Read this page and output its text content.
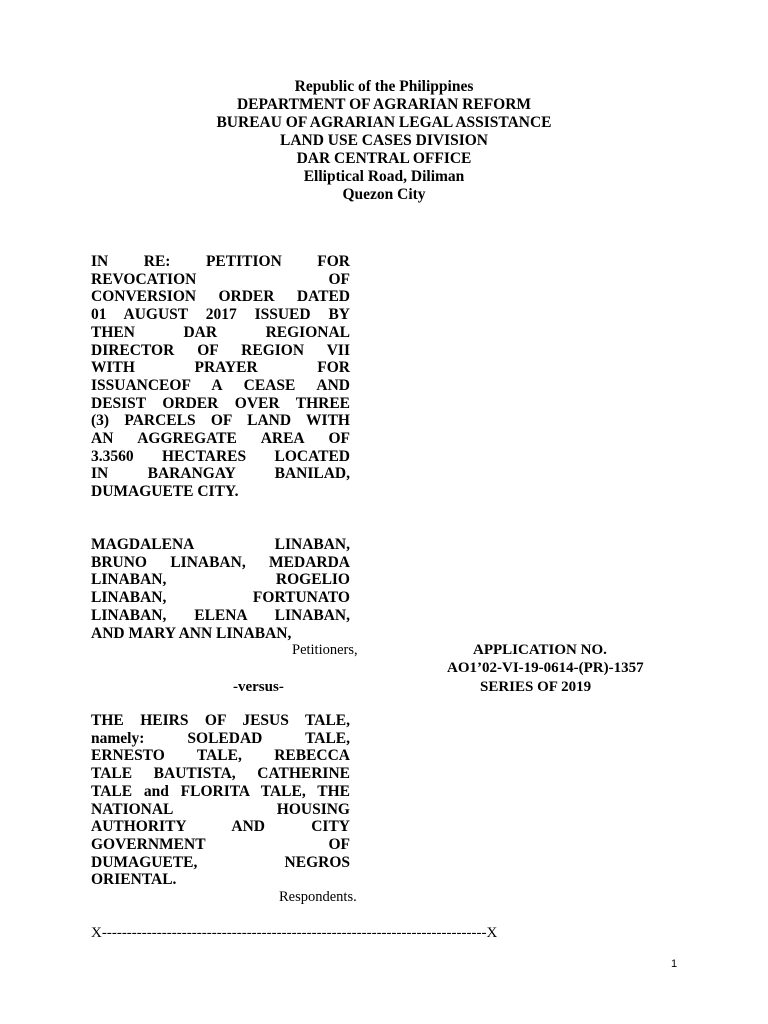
Republic of the Philippines
DEPARTMENT OF AGRARIAN REFORM
BUREAU OF AGRARIAN LEGAL ASSISTANCE
LAND USE CASES DIVISION
DAR CENTRAL OFFICE
Elliptical Road, Diliman
Quezon City
IN RE: PETITION FOR
REVOCATION OF
CONVERSION ORDER DATED
01 AUGUST 2017 ISSUED BY
THEN DAR REGIONAL
DIRECTOR OF REGION VII
WITH PRAYER FOR
ISSUANCEOF A CEASE AND
DESIST ORDER OVER THREE
(3) PARCELS OF LAND WITH
AN AGGREGATE AREA OF
3.3560 HECTARES LOCATED
IN BARANGAY BANILAD,
DUMAGUETE CITY.
MAGDALENA LINABAN,
BRUNO LINABAN, MEDARDA
LINABAN, ROGELIO
LINABAN, FORTUNATO
LINABAN, ELENA LINABAN,
AND MARY ANN LINABAN,
Petitioners,	APPLICATION NO.
AO1’02-VI-19-0614-(PR)-1357
SERIES OF 2019
-versus-
THE HEIRS OF JESUS TALE,
namely: SOLEDAD TALE,
ERNESTO TALE, REBECCA
TALE BAUTISTA, CATHERINE
TALE and FLORITA TALE, THE
NATIONAL HOUSING
AUTHORITY AND CITY
GOVERNMENT OF
DUMAGUETE, NEGROS
ORIENTAL.
Respondents.
X-----------------------------------------------------------------------------X
1
